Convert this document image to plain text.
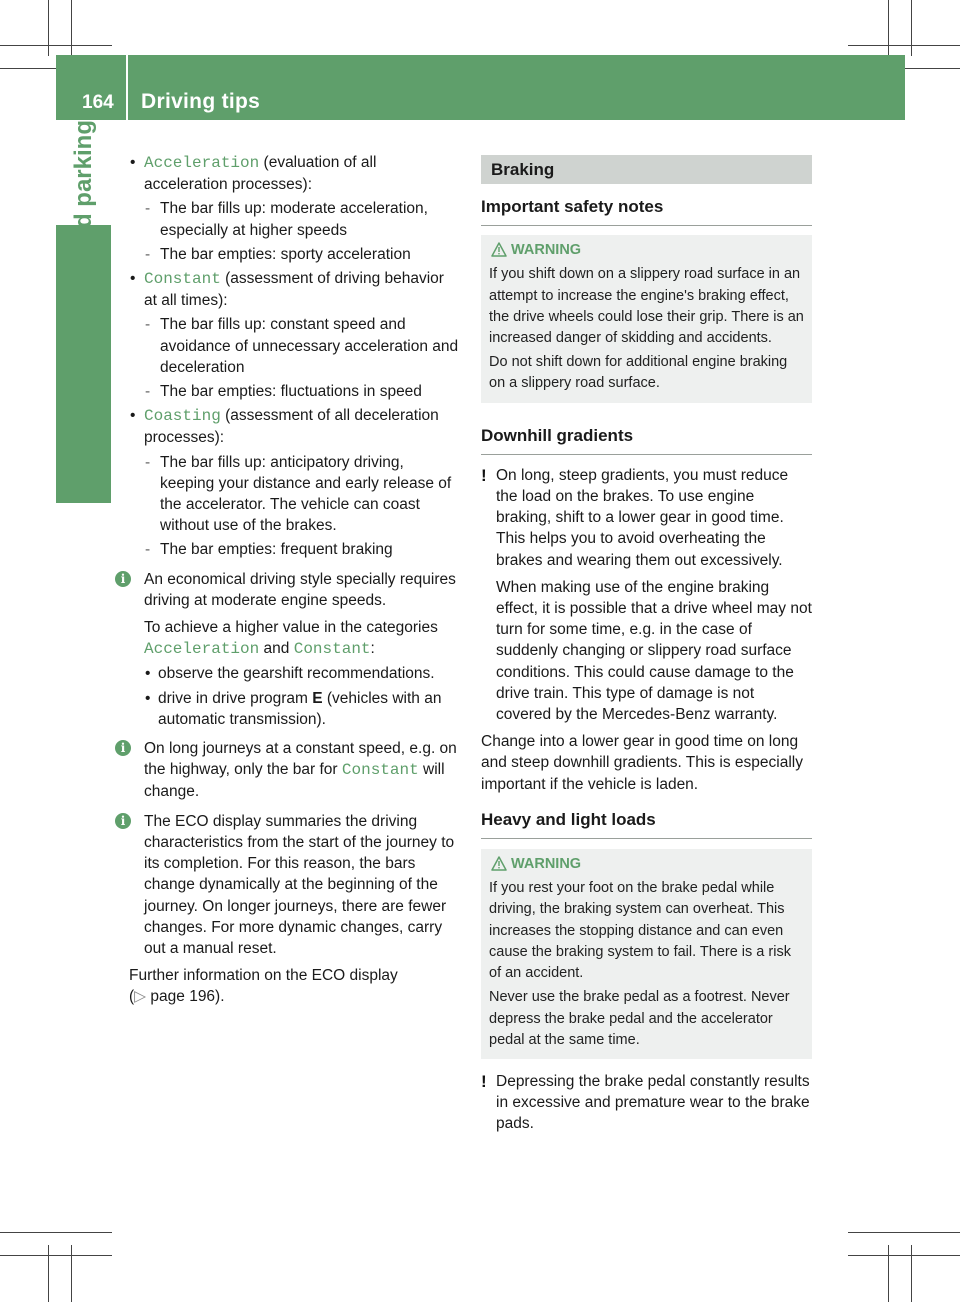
164 Driving tips
• Acceleration (evaluation of all acceleration processes):
- The bar fills up: moderate acceleration, especially at higher speeds
- The bar empties: sporty acceleration
• Constant (assessment of driving behavior at all times):
- The bar fills up: constant speed and avoidance of unnecessary acceleration and deceleration
- The bar empties: fluctuations in speed
• Coasting (assessment of all deceleration processes):
- The bar fills up: anticipatory driving, keeping your distance and early release of the accelerator. The vehicle can coast without use of the brakes.
- The bar empties: frequent braking
i	An economical driving style specially requires driving at moderate engine speeds.
To achieve a higher value in the categories Acceleration and Constant:
• observe the gearshift recommendations.
• drive in drive program E (vehicles with an automatic transmission).
i	On long journeys at a constant speed, e.g. on the highway, only the bar for Constant will change.
i	The ECO display summaries the driving characteristics from the start of the journey to its completion. For this reason, the bars change dynamically at the beginning of the journey. On longer journeys, there are fewer changes. For more dynamic changes, carry out a manual reset.
Further information on the ECO display
(▷ page 196).
Braking
Important safety notes
WARNING

If you shift down on a slippery road surface in an attempt to increase the engine's braking effect, the drive wheels could lose their grip. There is an increased danger of skidding and accidents.

Do not shift down for additional engine braking on a slippery road surface.

Downhill gradients
! On long, steep gradients, you must reduce the load on the brakes. To use engine braking, shift to a lower gear in good time. This helps you to avoid overheating the brakes and wearing them out excessively.
When making use of the engine braking effect, it is possible that a drive wheel may not turn for some time, e.g. in the case of suddenly changing or slippery road surface conditions. This could cause damage to the drive train. This type of damage is not covered by the Mercedes-Benz warranty.
Change into a lower gear in good time on long and steep downhill gradients. This is especially important if the vehicle is laden.
Heavy and light loads
WARNING

If you rest your foot on the brake pedal while driving, the braking system can overheat. This increases the stopping distance and can even cause the braking system to fail. There is a risk of an accident.

Never use the brake pedal as a footrest. Never depress the brake pedal and the accelerator pedal at the same time.

! Depressing the brake pedal constantly results in excessive and premature wear to the brake pads.
